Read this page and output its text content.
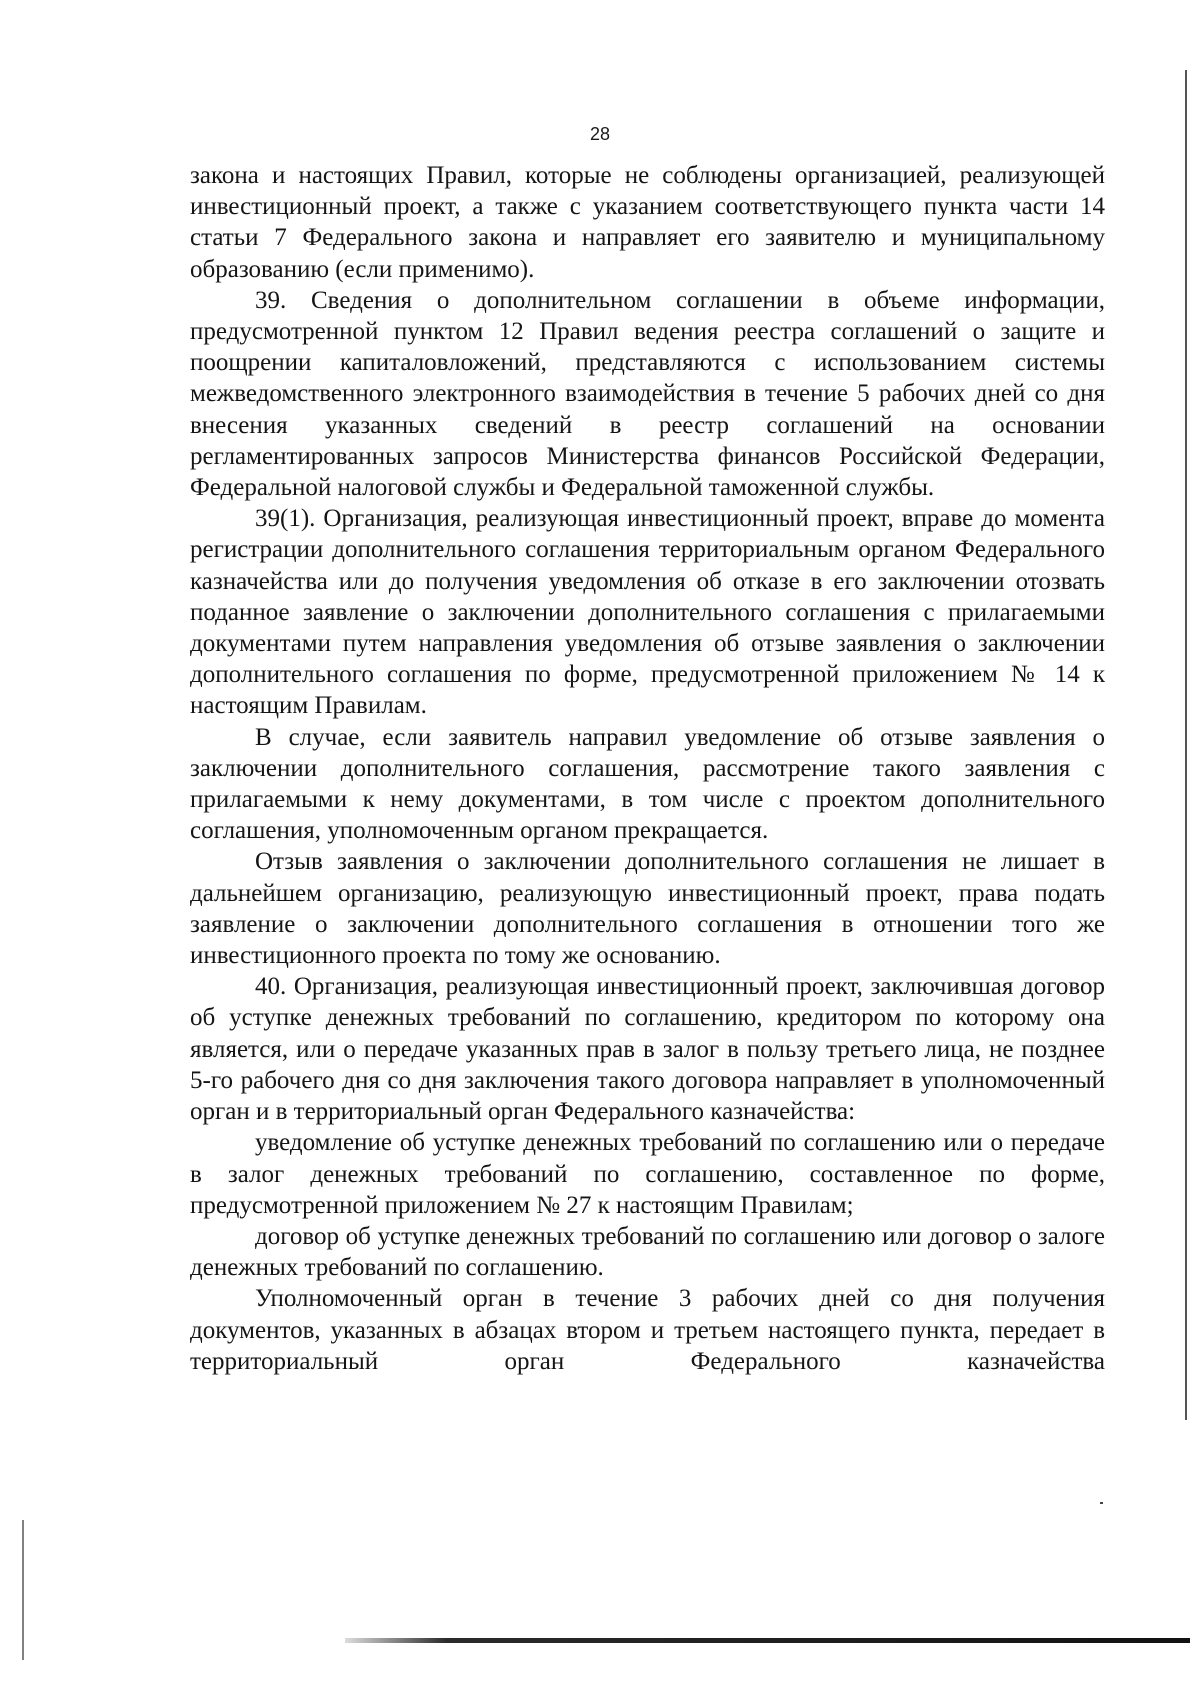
28

закона и настоящих Правил, которые не соблюдены организацией, реализующей инвестиционный проект, а также с указанием соответствующего пункта части 14 статьи 7 Федерального закона и направляет его заявителю и муниципальному образованию (если применимо).

39. Сведения о дополнительном соглашении в объеме информации, предусмотренной пунктом 12 Правил ведения реестра соглашений о защите и поощрении капиталовложений, представляются с использованием системы межведомственного электронного взаимодействия в течение 5 рабочих дней со дня внесения указанных сведений в реестр соглашений на основании регламентированных запросов Министерства финансов Российской Федерации, Федеральной налоговой службы и Федеральной таможенной службы.

39(1). Организация, реализующая инвестиционный проект, вправе до момента регистрации дополнительного соглашения территориальным органом Федерального казначейства или до получения уведомления об отказе в его заключении отозвать поданное заявление о заключении дополнительного соглашения с прилагаемыми документами путем направления уведомления об отзыве заявления о заключении дополнительного соглашения по форме, предусмотренной приложением № 14 к настоящим Правилам.

В случае, если заявитель направил уведомление об отзыве заявления о заключении дополнительного соглашения, рассмотрение такого заявления с прилагаемыми к нему документами, в том числе с проектом дополнительного соглашения, уполномоченным органом прекращается.

Отзыв заявления о заключении дополнительного соглашения не лишает в дальнейшем организацию, реализующую инвестиционный проект, права подать заявление о заключении дополнительного соглашения в отношении того же инвестиционного проекта по тому же основанию.

40. Организация, реализующая инвестиционный проект, заключившая договор об уступке денежных требований по соглашению, кредитором по которому она является, или о передаче указанных прав в залог в пользу третьего лица, не позднее 5-го рабочего дня со дня заключения такого договора направляет в уполномоченный орган и в территориальный орган Федерального казначейства:

уведомление об уступке денежных требований по соглашению или о передаче в залог денежных требований по соглашению, составленное по форме, предусмотренной приложением № 27 к настоящим Правилам;

договор об уступке денежных требований по соглашению или договор о залоге денежных требований по соглашению.

Уполномоченный орган в течение 3 рабочих дней со дня получения документов, указанных в абзацах втором и третьем настоящего пункта, передает в территориальный орган Федерального казначейства
